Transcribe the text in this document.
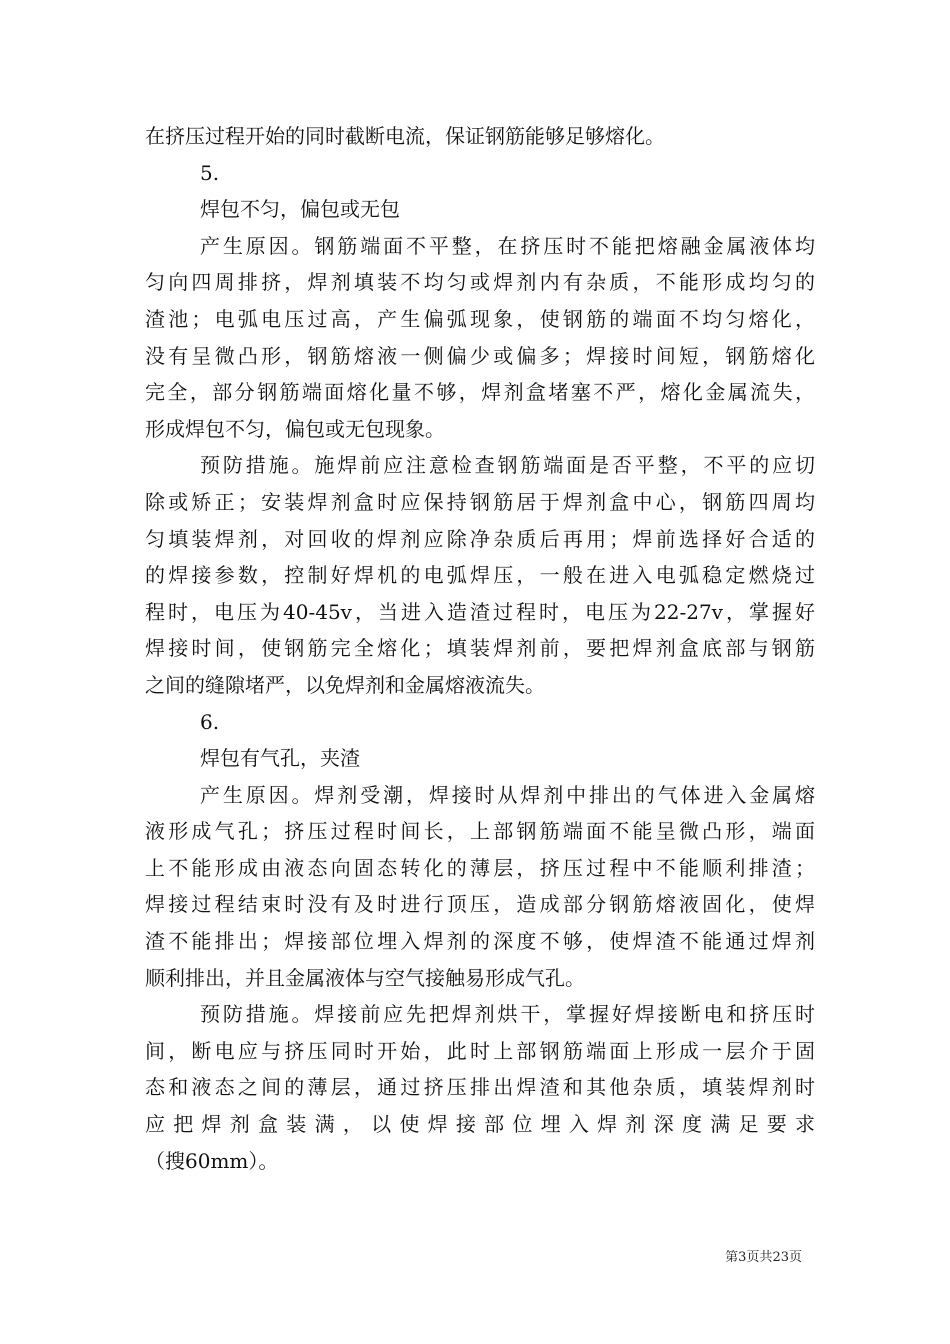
在挤压过程开始的同时截断电流，保证钢筋能够足够熔化。
5.
焊包不匀，偏包或无包
产生原因。钢筋端面不平整，在挤压时不能把熔融金属液体均
匀向四周排挤，焊剂填装不均匀或焊剂内有杂质，不能形成均匀的
渣池；电弧电压过高，产生偏弧现象，使钢筋的端面不均匀熔化，
没有呈微凸形，钢筋熔液一侧偏少或偏多；焊接时间短，钢筋熔化
完全，部分钢筋端面熔化量不够，焊剂盒堵塞不严，熔化金属流失，
形成焊包不匀，偏包或无包现象。
预防措施。施焊前应注意检查钢筋端面是否平整，不平的应切
除或矫正；安装焊剂盒时应保持钢筋居于焊剂盒中心，钢筋四周均
匀填装焊剂，对回收的焊剂应除净杂质后再用；焊前选择好合适的
的焊接参数，控制好焊机的电弧焊压，一般在进入电弧稳定燃烧过
程时，电压为40-45v，当进入造渣过程时，电压为22-27v，掌握好
焊接时间，使钢筋完全熔化；填装焊剂前，要把焊剂盒底部与钢筋
之间的缝隙堵严，以免焊剂和金属熔液流失。
6.
焊包有气孔，夹渣
产生原因。焊剂受潮，焊接时从焊剂中排出的气体进入金属熔
液形成气孔；挤压过程时间长，上部钢筋端面不能呈微凸形，端面
上不能形成由液态向固态转化的薄层，挤压过程中不能顺利排渣；
焊接过程结束时没有及时进行顶压，造成部分钢筋熔液固化，使焊
渣不能排出；焊接部位埋入焊剂的深度不够，使焊渣不能通过焊剂
顺利排出，并且金属液体与空气接触易形成气孔。
预防措施。焊接前应先把焊剂烘干，掌握好焊接断电和挤压时
间，断电应与挤压同时开始，此时上部钢筋端面上形成一层介于固
态和液态之间的薄层，通过挤压排出焊渣和其他杂质，填装焊剂时
应把焊剂盒装满，以使焊接部位埋入焊剂深度满足要求
（搜60mm）。
第3页共23页
